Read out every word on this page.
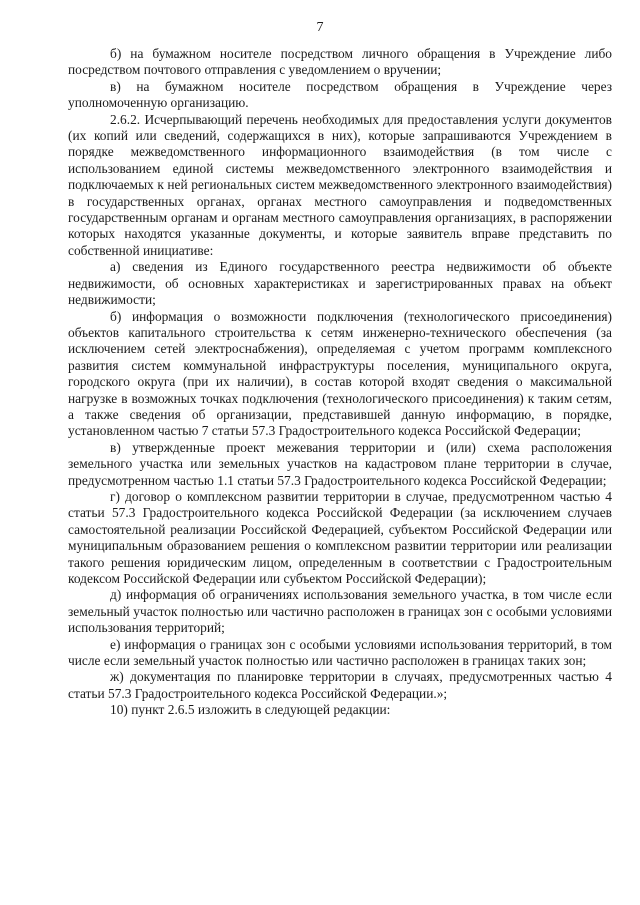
7

б) на бумажном носителе посредством личного обращения в Учреждение либо посредством почтового отправления с уведомлением о вручении;

в) на бумажном носителе посредством обращения в Учреждение через уполномоченную организацию.

2.6.2. Исчерпывающий перечень необходимых для предоставления услуги документов (их копий или сведений, содержащихся в них), которые запрашиваются Учреждением в порядке межведомственного информационного взаимодействия (в том числе с использованием единой системы межведомственного электронного взаимодействия и подключаемых к ней региональных систем межведомственного электронного взаимодействия) в государственных органах, органах местного самоуправления и подведомственных государственным органам и органам местного самоуправления организациях, в распоряжении которых находятся указанные документы, и которые заявитель вправе представить по собственной инициативе:

а) сведения из Единого государственного реестра недвижимости об объекте недвижимости, об основных характеристиках и зарегистрированных правах на объект недвижимости;

б) информация о возможности подключения (технологического присоединения) объектов капитального строительства к сетям инженерно-технического обеспечения (за исключением сетей электроснабжения), определяемая с учетом программ комплексного развития систем коммунальной инфраструктуры поселения, муниципального округа, городского округа (при их наличии), в состав которой входят сведения о максимальной нагрузке в возможных точках подключения (технологического присоединения) к таким сетям, а также сведения об организации, представившей данную информацию, в порядке, установленном частью 7 статьи 57.3 Градостроительного кодекса Российской Федерации;

в) утвержденные проект межевания территории и (или) схема расположения земельного участка или земельных участков на кадастровом плане территории в случае, предусмотренном частью 1.1 статьи 57.3 Градостроительного кодекса Российской Федерации;

г) договор о комплексном развитии территории в случае, предусмотренном частью 4 статьи 57.3 Градостроительного кодекса Российской Федерации (за исключением случаев самостоятельной реализации Российской Федерацией, субъектом Российской Федерации или муниципальным образованием решения о комплексном развитии территории или реализации такого решения юридическим лицом, определенным в соответствии с Градостроительным кодексом Российской Федерации или субъектом Российской Федерации);

д) информация об ограничениях использования земельного участка, в том числе если земельный участок полностью или частично расположен в границах зон с особыми условиями использования территорий;

е) информация о границах зон с особыми условиями использования территорий, в том числе если земельный участок полностью или частично расположен в границах таких зон;

ж) документация по планировке территории в случаях, предусмотренных частью 4 статьи 57.3 Градостроительного кодекса Российской Федерации.»;

10) пункт 2.6.5 изложить в следующей редакции:
